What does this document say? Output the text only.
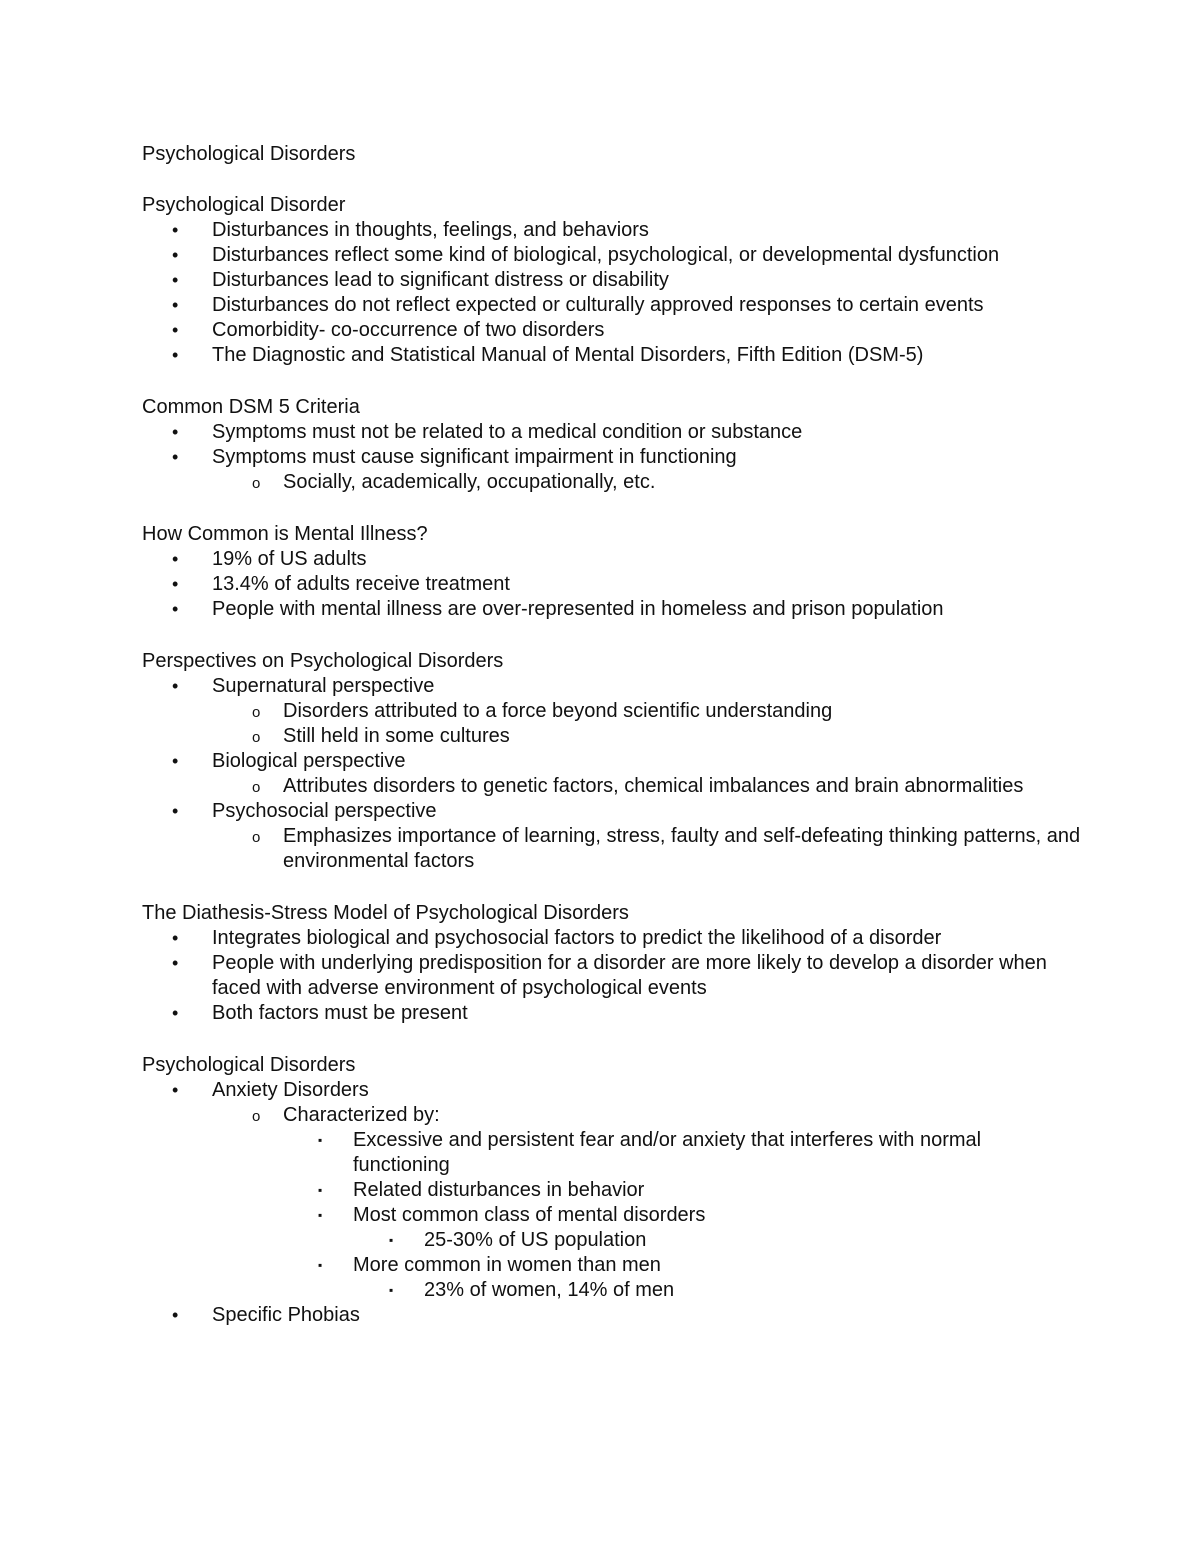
Psychological Disorders
Psychological Disorder
• Disturbances in thoughts, feelings, and behaviors
• Disturbances reflect some kind of biological, psychological, or developmental dysfunction
• Disturbances lead to significant distress or disability
• Disturbances do not reflect expected or culturally approved responses to certain events
• Comorbidity- co-occurrence of two disorders
• The Diagnostic and Statistical Manual of Mental Disorders, Fifth Edition (DSM-5)
Common DSM 5 Criteria
• Symptoms must not be related to a medical condition or substance
• Symptoms must cause significant impairment in functioning
o Socially, academically, occupationally, etc.
How Common is Mental Illness?
• 19% of US adults
• 13.4% of adults receive treatment
• People with mental illness are over-represented in homeless and prison population
Perspectives on Psychological Disorders
• Supernatural perspective
o Disorders attributed to a force beyond scientific understanding
o Still held in some cultures
• Biological perspective
o Attributes disorders to genetic factors, chemical imbalances and brain abnormalities
• Psychosocial perspective
o Emphasizes importance of learning, stress, faulty and self-defeating thinking patterns, and environmental factors
The Diathesis-Stress Model of Psychological Disorders
• Integrates biological and psychosocial factors to predict the likelihood of a disorder
• People with underlying predisposition for a disorder are more likely to develop a disorder when faced with adverse environment of psychological events
• Both factors must be present
Psychological Disorders
• Anxiety Disorders
o Characterized by:
▪ Excessive and persistent fear and/or anxiety that interferes with normal functioning
▪ Related disturbances in behavior
▪ Most common class of mental disorders
▪ 25-30% of US population
▪ More common in women than men
▪ 23% of women, 14% of men
• Specific Phobias
